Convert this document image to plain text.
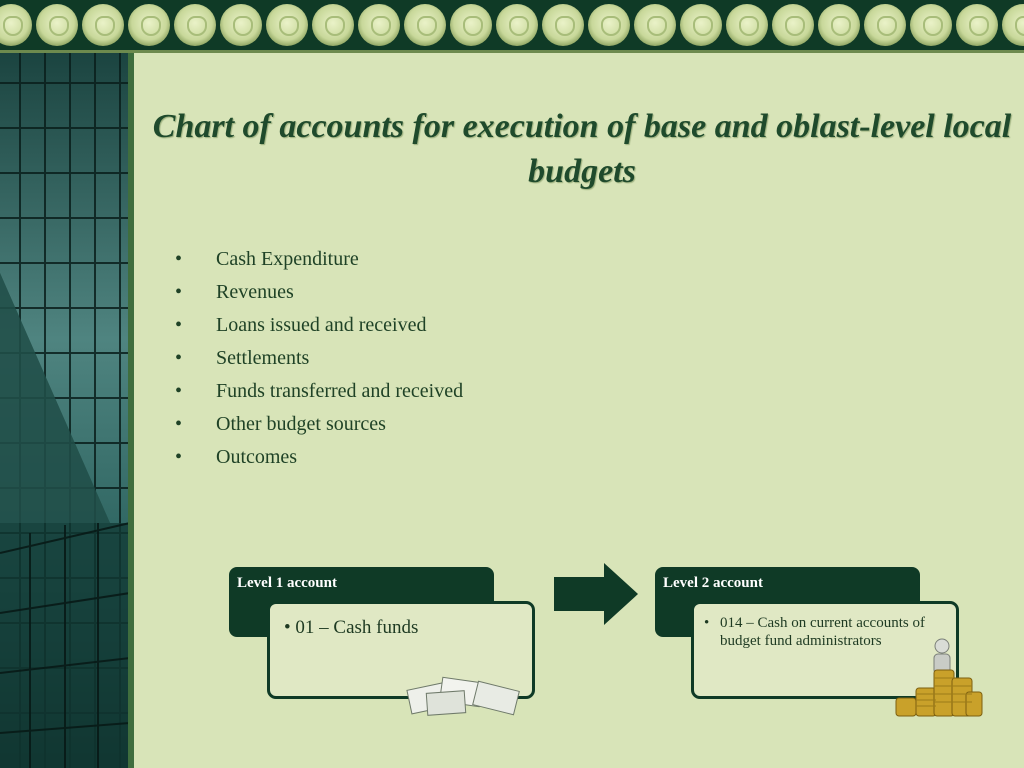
Chart of accounts for execution of base and oblast-level local budgets
• Cash Expenditure
• Revenues
• Loans issued and received
• Settlements
• Funds transferred and received
• Other budget sources
• Outcomes
Level 1 account
• 01 – Cash funds
Level 2 account
• 014 – Cash on current accounts of budget fund administrators
